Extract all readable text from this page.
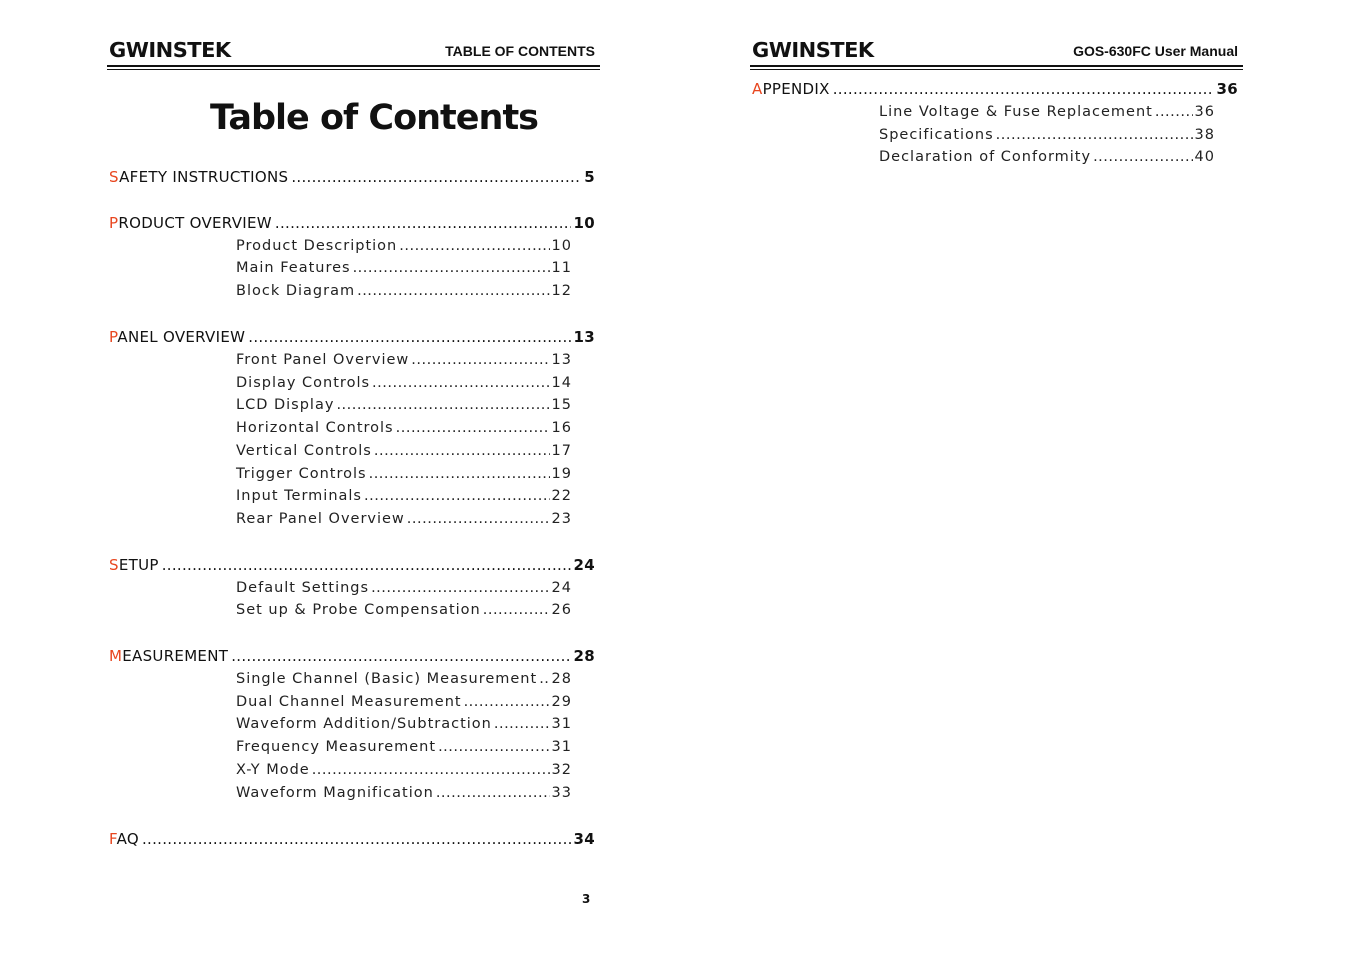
GWINSTEK	TABLE OF CONTENTS
Table of Contents
SAFETY INSTRUCTIONS .....	5
PRODUCT OVERVIEW .....	10
Product Description .....	10
Main Features .....	11
Block Diagram .....	12
PANEL OVERVIEW .....	13
Front Panel Overview .....	13
Display Controls .....	14
LCD Display .....	15
Horizontal Controls .....	16
Vertical Controls .....	17
Trigger Controls .....	19
Input Terminals .....	22
Rear Panel Overview .....	23
SETUP .....	24
Default Settings .....	24
Set up & Probe Compensation .....	26
MEASUREMENT .....	28
Single Channel (Basic) Measurement ..... 28
Dual Channel Measurement .....	29
Waveform Addition/Subtraction .....	31
Frequency Measurement .....	31
X-Y Mode .....	32
Waveform Magnification .....	33
FAQ .....	34
3
GWINSTEK	GOS-630FC User Manual
APPENDIX .....	36
Line Voltage & Fuse Replacement .....	36
Specifications .....	38
Declaration of Conformity .....	40
